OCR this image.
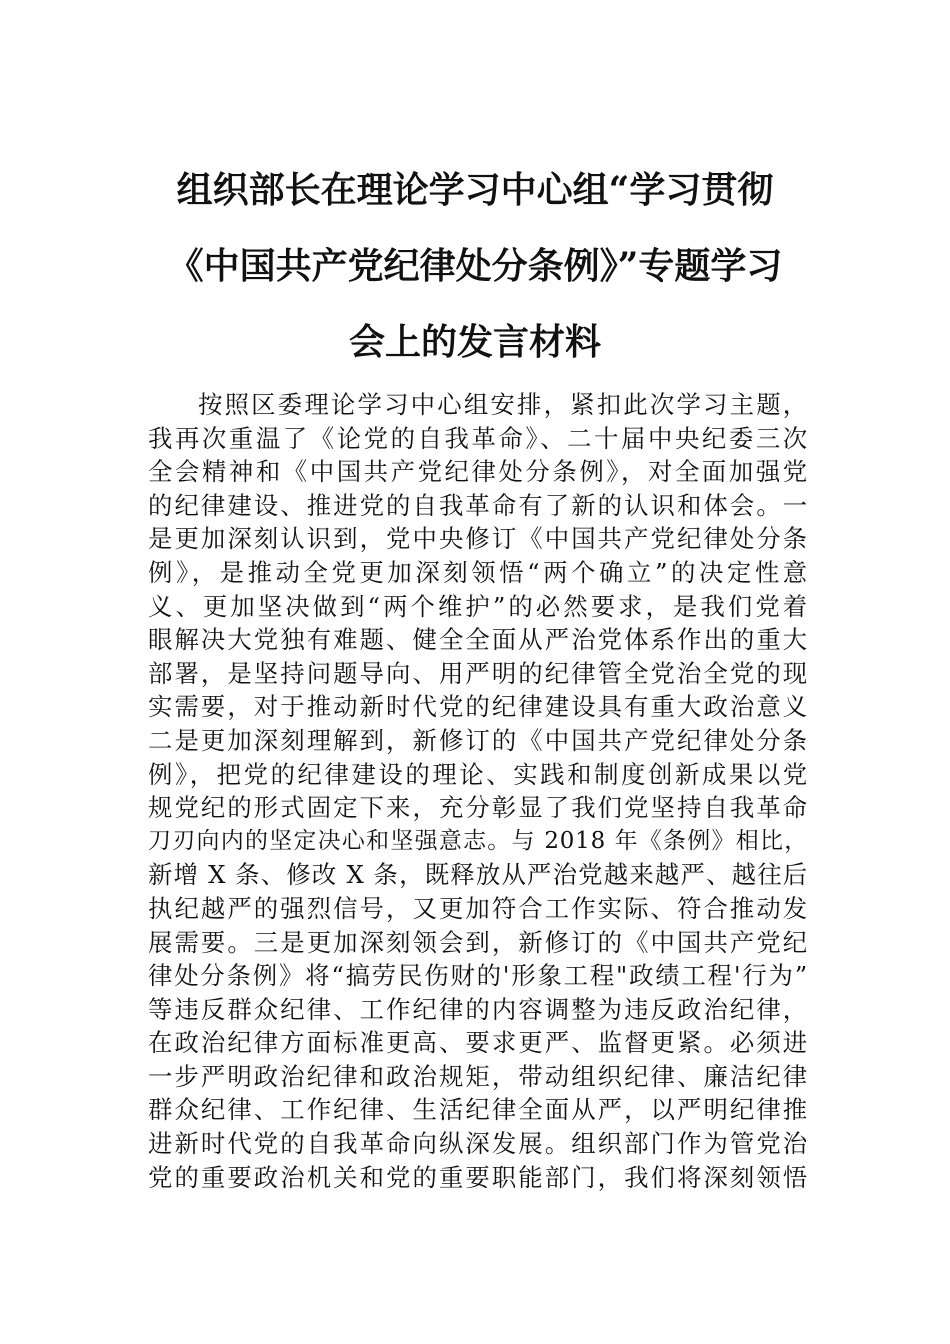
组织部长在理论学习中心组“学习贯彻
《中国共产党纪律处分条例》”专题学习
会上的发言材料
按照区委理论学习中心组安排，紧扣此次学习主题，
我再次重温了《论党的自我革命》、二十届中央纪委三次
全会精神和《中国共产党纪律处分条例》，对全面加强党
的纪律建设、推进党的自我革命有了新的认识和体会。一
是更加深刻认识到，党中央修订《中国共产党纪律处分条
例》，是推动全党更加深刻领悟“两个确立”的决定性意
义、更加坚决做到“两个维护”的必然要求，是我们党着
眼解决大党独有难题、健全全面从严治党体系作出的重大
部署，是坚持问题导向、用严明的纪律管全党治全党的现
实需要，对于推动新时代党的纪律建设具有重大政治意义
二是更加深刻理解到，新修订的《中国共产党纪律处分条
例》，把党的纪律建设的理论、实践和制度创新成果以党
规党纪的形式固定下来，充分彰显了我们党坚持自我革命
刀刃向内的坚定决心和坚强意志。与 2018 年《条例》相比，
新增 X 条、修改 X 条，既释放从严治党越来越严、越往后
执纪越严的强烈信号，又更加符合工作实际、符合推动发
展需要。三是更加深刻领会到，新修订的《中国共产党纪
律处分条例》将“搞劳民伤财的'形象工程"政绩工程'行为”
等违反群众纪律、工作纪律的内容调整为违反政治纪律，
在政治纪律方面标准更高、要求更严、监督更紧。必须进
一步严明政治纪律和政治规矩，带动组织纪律、廉洁纪律
群众纪律、工作纪律、生活纪律全面从严，以严明纪律推
进新时代党的自我革命向纵深发展。组织部门作为管党治
党的重要政治机关和党的重要职能部门，我们将深刻领悟
